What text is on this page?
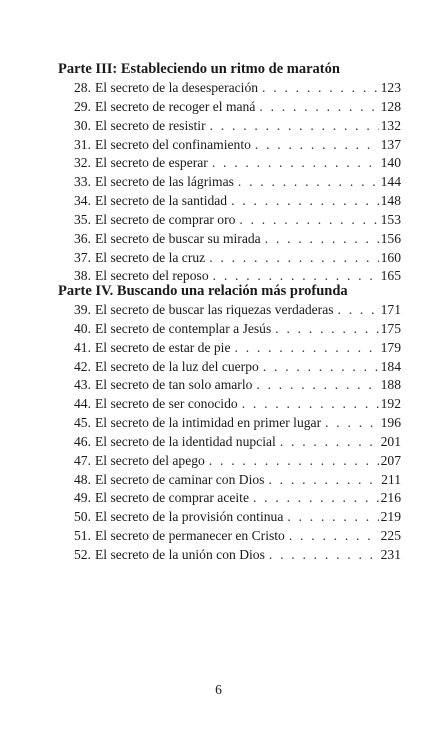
Parte III: Estableciendo un ritmo de maratón
28. El secreto de la desesperación . . .	123
29. El secreto de recoger el maná . . .	128
30. El secreto de resistir . . .	132
31. El secreto del confinamiento . . .	137
32. El secreto de esperar . . .	140
33. El secreto de las lágrimas . . .	144
34. El secreto de la santidad . . .	148
35. El secreto de comprar oro . . .	153
36. El secreto de buscar su mirada . . .	156
37. El secreto de la cruz . . .	160
38. El secreto del reposo . . .	165
Parte IV. Buscando una relación más profunda
39. El secreto de buscar las riquezas verdaderas . . .	171
40. El secreto de contemplar a Jesús . . .	175
41. El secreto de estar de pie . . .	179
42. El secreto de la luz del cuerpo . . .	184
43. El secreto de tan solo amarlo . . .	188
44. El secreto de ser conocido . . .	192
45. El secreto de la intimidad en primer lugar . . .	196
46. El secreto de la identidad nupcial . . .	201
47. El secreto del apego . . .	207
48. El secreto de caminar con Dios . . .	211
49. El secreto de comprar aceite . . .	216
50. El secreto de la provisión continua . . .	219
51. El secreto de permanecer en Cristo . . .	225
52. El secreto de la unión con Dios . . .	231
6
